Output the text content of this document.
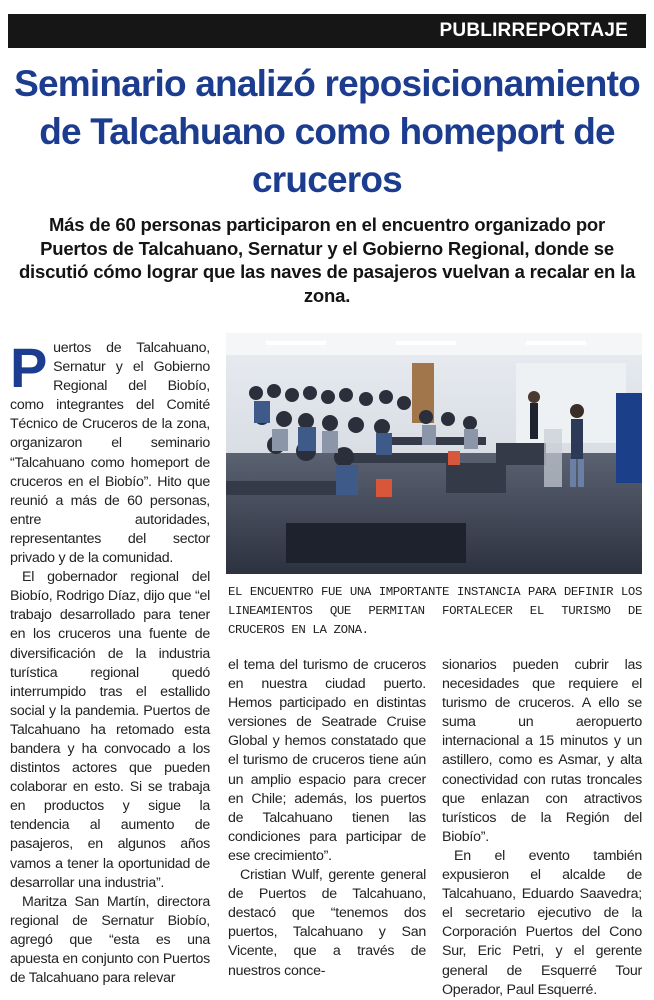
PUBLIRREPORTAJE
Seminario analizó reposicionamiento de Talcahuano como homeport de cruceros

Más de 60 personas participaron en el encuentro organizado por Puertos de Talcahuano, Sernatur y el Gobierno Regional, donde se discutió cómo lograr que las naves de pasajeros vuelvan a recalar en la zona.

Puertos de Talcahuano, Sernatur y el Gobierno Regional del Biobío, como integrantes del Comité Técnico de Cruceros de la zona, organizaron el seminario “Talcahuano como homeport de cruceros en el Biobío”. Hito que reunió a más de 60 personas, entre autoridades, representantes del sector privado y de la comunidad.

El gobernador regional del Biobío, Rodrigo Díaz, dijo que “el trabajo desarrollado para tener en los cruceros una fuente de diversificación de la industria turística regional quedó interrumpido tras el estallido social y la pandemia. Puertos de Talcahuano ha retomado esta bandera y ha convocado a los distintos actores que pueden colaborar en esto. Si se trabaja en productos y sigue la tendencia al aumento de pasajeros, en algunos años vamos a tener la oportunidad de desarrollar una industria”.

Maritza San Martín, directora regional de Sernatur Biobío, agregó que “esta es una apuesta en conjunto con Puertos de Talcahuano para relevar

EL ENCUENTRO FUE UNA IMPORTANTE INSTANCIA PARA DEFINIR LOS LINEAMIENTOS QUE PERMITAN FORTALECER EL TURISMO DE CRUCEROS EN LA ZONA.

el tema del turismo de cruceros en nuestra ciudad puerto. Hemos participado en distintas versiones de Seatrade Cruise Global y hemos constatado que el turismo de cruceros tiene aún un amplio espacio para crecer en Chile; además, los puertos de Talcahuano tienen las condiciones para participar de ese crecimiento”.

Cristian Wulf, gerente general de Puertos de Talcahuano, destacó que “tenemos dos puertos, Talcahuano y San Vicente, que a través de nuestros conce-

sionarios pueden cubrir las necesidades que requiere el turismo de cruceros. A ello se suma un aeropuerto internacional a 15 minutos y un astillero, como es Asmar, y alta conectividad con rutas troncales que enlazan con atractivos turísticos de la Región del Biobío”.

En el evento también expusieron el alcalde de Talcahuano, Eduardo Saavedra; el secretario ejecutivo de la Corporación Puertos del Cono Sur, Eric Petri, y el gerente general de Esquerré Tour Operador, Paul Esquerré.
